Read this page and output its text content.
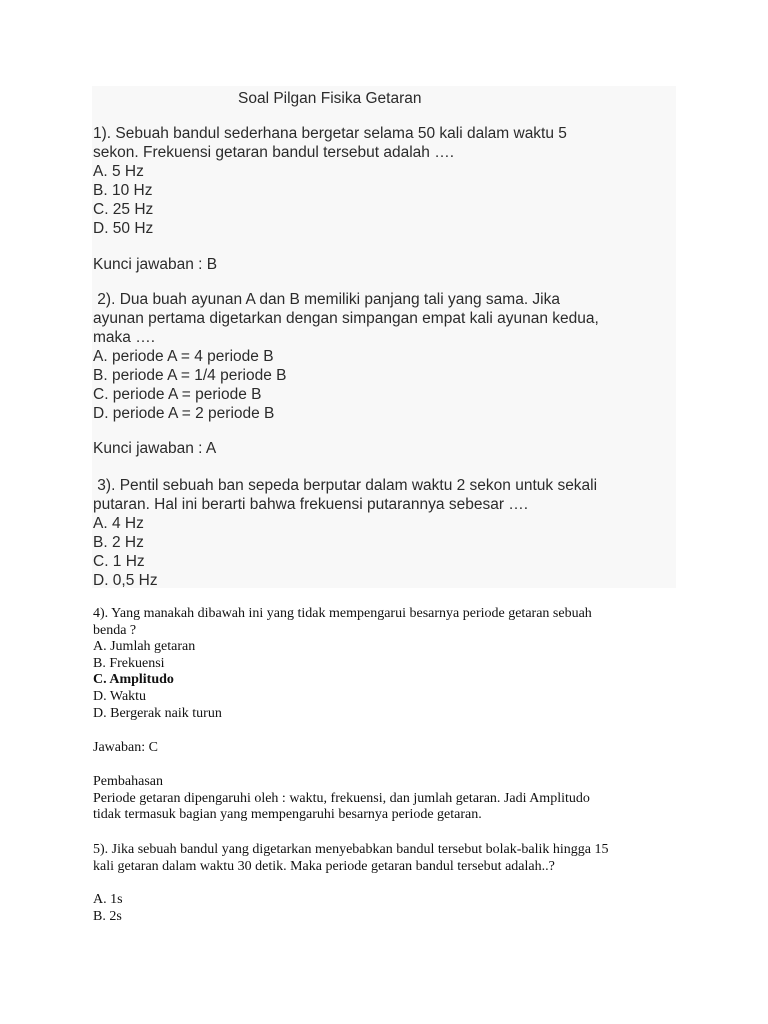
Soal Pilgan Fisika Getaran
1). Sebuah bandul sederhana bergetar selama 50 kali dalam waktu 5
sekon. Frekuensi getaran bandul tersebut adalah ….
A. 5 Hz
B. 10 Hz
C. 25 Hz
D. 50 Hz
Kunci jawaban : B
2). Dua buah ayunan A dan B memiliki panjang tali yang sama. Jika
ayunan pertama digetarkan dengan simpangan empat kali ayunan kedua,
maka ….
A. periode A = 4 periode B
B. periode A = 1/4 periode B
C. periode A = periode B
D. periode A = 2 periode B
Kunci jawaban : A
3). Pentil sebuah ban sepeda berputar dalam waktu 2 sekon untuk sekali
putaran. Hal ini berarti bahwa frekuensi putarannya sebesar ….
A. 4 Hz
B. 2 Hz
C. 1 Hz
D. 0,5 Hz
4). Yang manakah dibawah ini yang tidak mempengarui besarnya periode getaran sebuah
benda ?
A. Jumlah getaran
B. Frekuensi
C. Amplitudo
D. Waktu
D. Bergerak naik turun
Jawaban: C
Pembahasan
Periode getaran dipengaruhi oleh : waktu, frekuensi, dan jumlah getaran. Jadi Amplitudo
tidak termasuk bagian yang mempengaruhi besarnya periode getaran.
5). Jika sebuah bandul yang digetarkan menyebabkan bandul tersebut bolak-balik hingga 15
kali getaran dalam waktu 30 detik. Maka periode getaran bandul tersebut adalah..?
A. 1s
B. 2s
